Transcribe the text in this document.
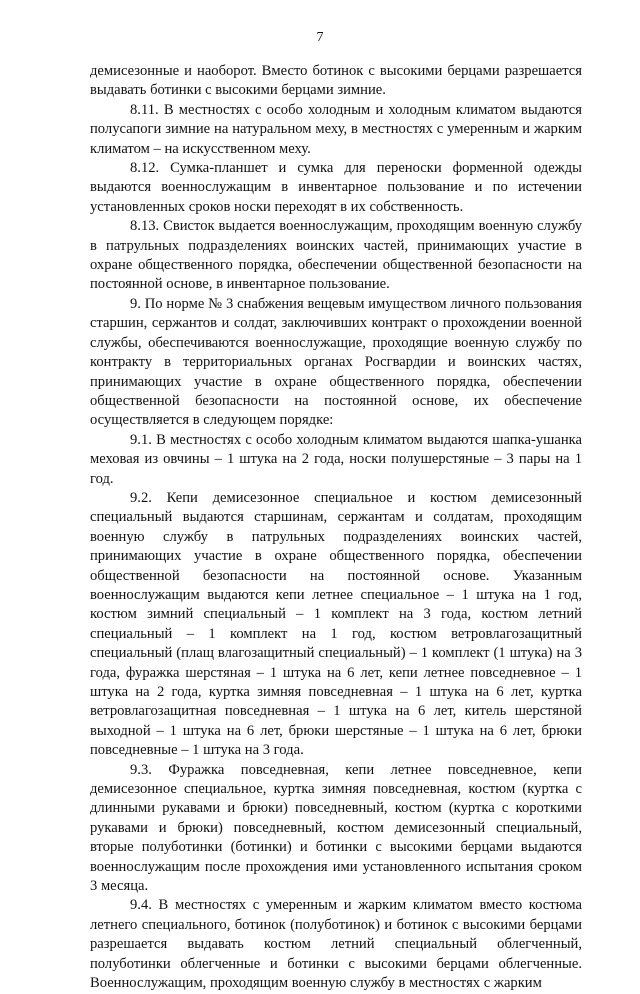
7

демисезонные и наоборот. Вместо ботинок с высокими берцами разрешается выдавать ботинки с высокими берцами зимние.

8.11. В местностях с особо холодным и холодным климатом выдаются полусапоги зимние на натуральном меху, в местностях с умеренным и жарким климатом – на искусственном меху.

8.12. Сумка-планшет и сумка для переноски форменной одежды выдаются военнослужащим в инвентарное пользование и по истечении установленных сроков носки переходят в их собственность.

8.13. Свисток выдается военнослужащим, проходящим военную службу в патрульных подразделениях воинских частей, принимающих участие в охране общественного порядка, обеспечении общественной безопасности на постоянной основе, в инвентарное пользование.

9. По норме № 3 снабжения вещевым имуществом личного пользования старшин, сержантов и солдат, заключивших контракт о прохождении военной службы, обеспечиваются военнослужащие, проходящие военную службу по контракту в территориальных органах Росгвардии и воинских частях, принимающих участие в охране общественного порядка, обеспечении общественной безопасности на постоянной основе, их обеспечение осуществляется в следующем порядке:

9.1. В местностях с особо холодным климатом выдаются шапка-ушанка меховая из овчины – 1 штука на 2 года, носки полушерстяные – 3 пары на 1 год.

9.2. Кепи демисезонное специальное и костюм демисезонный специальный выдаются старшинам, сержантам и солдатам, проходящим военную службу в патрульных подразделениях воинских частей, принимающих участие в охране общественного порядка, обеспечении общественной безопасности на постоянной основе. Указанным военнослужащим выдаются кепи летнее специальное – 1 штука на 1 год, костюм зимний специальный – 1 комплект на 3 года, костюм летний специальный – 1 комплект на 1 год, костюм ветровлагозащитный специальный (плащ влагозащитный специальный) – 1 комплект (1 штука) на 3 года, фуражка шерстяная – 1 штука на 6 лет, кепи летнее повседневное – 1 штука на 2 года, куртка зимняя повседневная – 1 штука на 6 лет, куртка ветровлагозащитная повседневная – 1 штука на 6 лет, китель шерстяной выходной – 1 штука на 6 лет, брюки шерстяные – 1 штука на 6 лет, брюки повседневные – 1 штука на 3 года.

9.3. Фуражка повседневная, кепи летнее повседневное, кепи демисезонное специальное, куртка зимняя повседневная, костюм (куртка с длинными рукавами и брюки) повседневный, костюм (куртка с короткими рукавами и брюки) повседневный, костюм демисезонный специальный, вторые полуботинки (ботинки) и ботинки с высокими берцами выдаются военнослужащим после прохождения ими установленного испытания сроком 3 месяца.

9.4. В местностях с умеренным и жарким климатом вместо костюма летнего специального, ботинок (полуботинок) и ботинок с высокими берцами разрешается выдавать костюм летний специальный облегченный, полуботинки облегченные и ботинки с высокими берцами облегченные. Военнослужащим, проходящим военную службу в местностях с жарким
